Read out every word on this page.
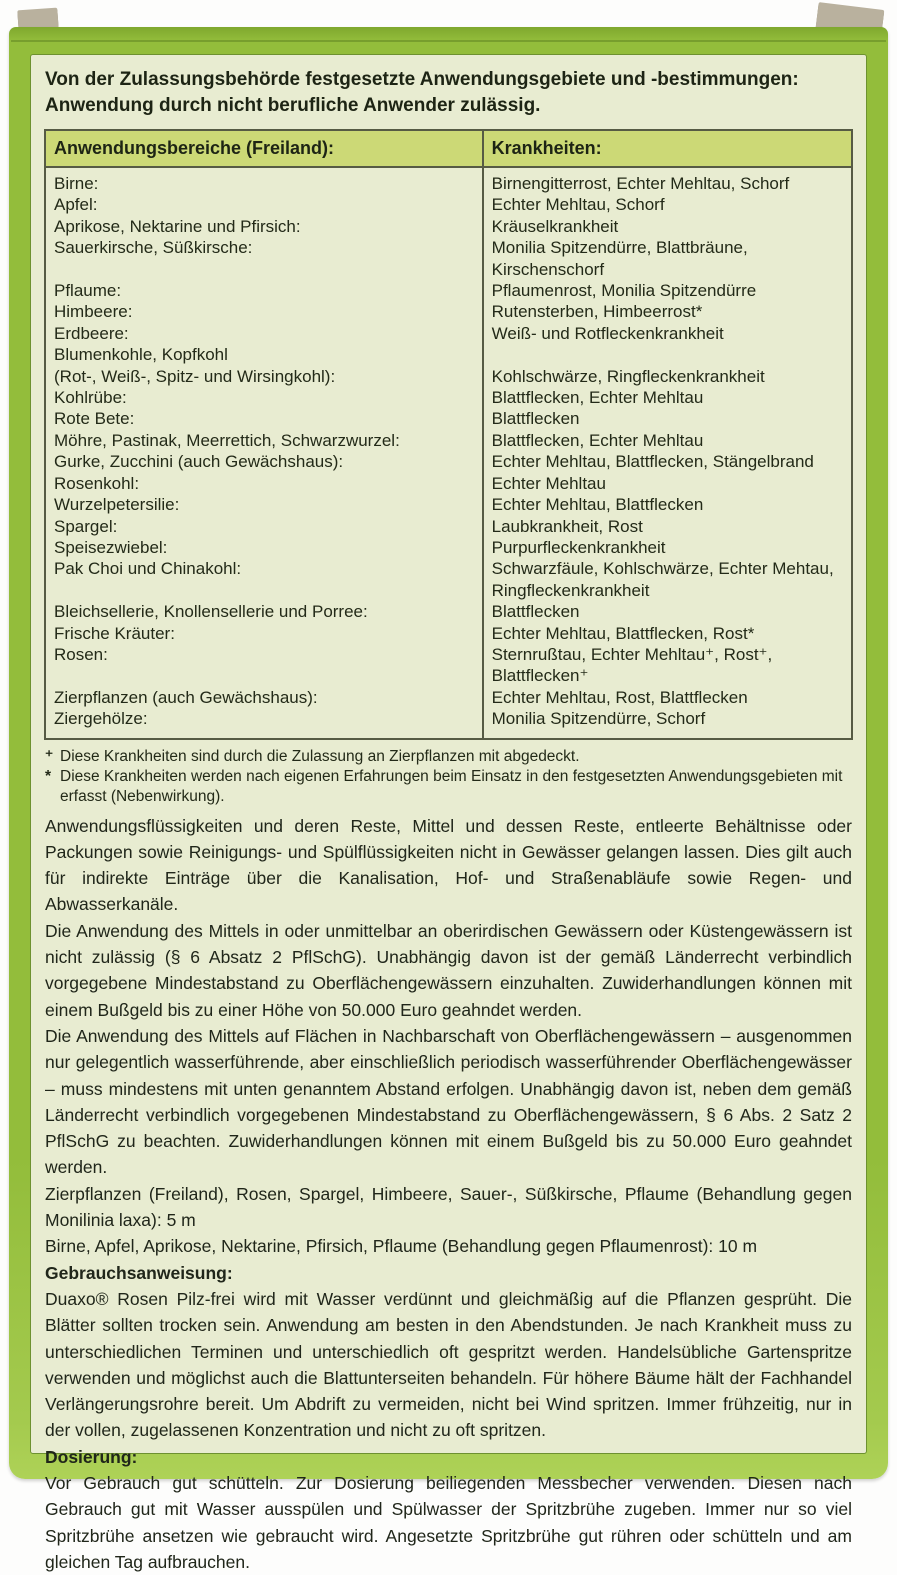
Von der Zulassungsbehörde festgesetzte Anwendungsgebiete und -bestimmungen:
Anwendung durch nicht berufliche Anwender zulässig.
Anwendungsbereiche (Freiland):	Krankheiten:
Birne:	Birnengitterrost, Echter Mehltau, Schorf
Apfel:	Echter Mehltau, Schorf
Aprikose, Nektarine und Pfirsich:	Kräuselkrankheit
Sauerkirsche, Süßkirsche:	Monilia Spitzendürre, Blattbräune,
	Kirschenschorf
Pflaume:	Pflaumenrost, Monilia Spitzendürre
Himbeere:	Rutensterben, Himbeerrost*
Erdbeere:	Weiß- und Rotfleckenkrankheit
Blumenkohle, Kopfkohl	
(Rot-, Weiß-, Spitz- und Wirsingkohl):	Kohlschwärze, Ringfleckenkrankheit
Kohlrübe:	Blattflecken, Echter Mehltau
Rote Bete:	Blattflecken
Möhre, Pastinak, Meerrettich, Schwarzwurzel:	Blattflecken, Echter Mehltau
Gurke, Zucchini (auch Gewächshaus):	Echter Mehltau, Blattflecken, Stängelbrand
Rosenkohl:	Echter Mehltau
Wurzelpetersilie:	Echter Mehltau, Blattflecken
Spargel:	Laubkrankheit, Rost
Speisezwiebel:	Purpurfleckenkrankheit
Pak Choi und Chinakohl:	Schwarzfäule, Kohlschwärze, Echter Mehtau,
	Ringfleckenkrankheit
Bleichsellerie, Knollensellerie und Porree:	Blattflecken
Frische Kräuter:	Echter Mehltau, Blattflecken, Rost*
Rosen:	Sternrußtau, Echter Mehltau⁺, Rost⁺,
	Blattflecken⁺
Zierpflanzen (auch Gewächshaus):	Echter Mehltau, Rost, Blattflecken
Ziergehölze:	Monilia Spitzendürre, Schorf
⁺ Diese Krankheiten sind durch die Zulassung an Zierpflanzen mit abgedeckt.
* Diese Krankheiten werden nach eigenen Erfahrungen beim Einsatz in den festgesetzten Anwendungsgebieten mit erfasst (Nebenwirkung).
Anwendungsflüssigkeiten und deren Reste, Mittel und dessen Reste, entleerte Behältnisse oder Packungen sowie Reinigungs- und Spülflüssigkeiten nicht in Gewässer gelangen lassen. Dies gilt auch für indirekte Einträge über die Kanalisation, Hof- und Straßenabläufe sowie Regen- und Abwasserkanäle.
Die Anwendung des Mittels in oder unmittelbar an oberirdischen Gewässern oder Küstengewässern ist nicht zulässig (§ 6 Absatz 2 PflSchG). Unabhängig davon ist der gemäß Länderrecht verbindlich vorgegebene Mindestabstand zu Oberflächengewässern einzuhalten. Zuwiderhandlungen können mit einem Bußgeld bis zu einer Höhe von 50.000 Euro geahndet werden.
Die Anwendung des Mittels auf Flächen in Nachbarschaft von Oberflächengewässern – ausgenommen nur gelegentlich wasserführende, aber einschließlich periodisch wasserführender Oberflächengewässer – muss mindestens mit unten genanntem Abstand erfolgen. Unabhängig davon ist, neben dem gemäß Länderrecht verbindlich vorgegebenen Mindestabstand zu Oberflächengewässern, § 6 Abs. 2 Satz 2 PflSchG zu beachten. Zuwiderhandlungen können mit einem Bußgeld bis zu 50.000 Euro geahndet werden.
Zierpflanzen (Freiland), Rosen, Spargel, Himbeere, Sauer-, Süßkirsche, Pflaume (Behandlung gegen Monilinia laxa): 5 m
Birne, Apfel, Aprikose, Nektarine, Pfirsich, Pflaume (Behandlung gegen Pflaumenrost): 10 m
Gebrauchsanweisung:
Duaxo® Rosen Pilz-frei wird mit Wasser verdünnt und gleichmäßig auf die Pflanzen gesprüht. Die Blätter sollten trocken sein. Anwendung am besten in den Abendstunden. Je nach Krankheit muss zu unterschiedlichen Terminen und unterschiedlich oft gespritzt werden. Handelsübliche Gartenspritze verwenden und möglichst auch die Blattunterseiten behandeln. Für höhere Bäume hält der Fachhandel Verlängerungsrohre bereit. Um Abdrift zu vermeiden, nicht bei Wind spritzen. Immer frühzeitig, nur in der vollen, zugelassenen Konzentration und nicht zu oft spritzen.
Dosierung:
Vor Gebrauch gut schütteln. Zur Dosierung beiliegenden Messbecher verwenden. Diesen nach Gebrauch gut mit Wasser ausspülen und Spülwasser der Spritzbrühe zugeben. Immer nur so viel Spritzbrühe ansetzen wie gebraucht wird. Angesetzte Spritzbrühe gut rühren oder schütteln und am gleichen Tag aufbrauchen.
